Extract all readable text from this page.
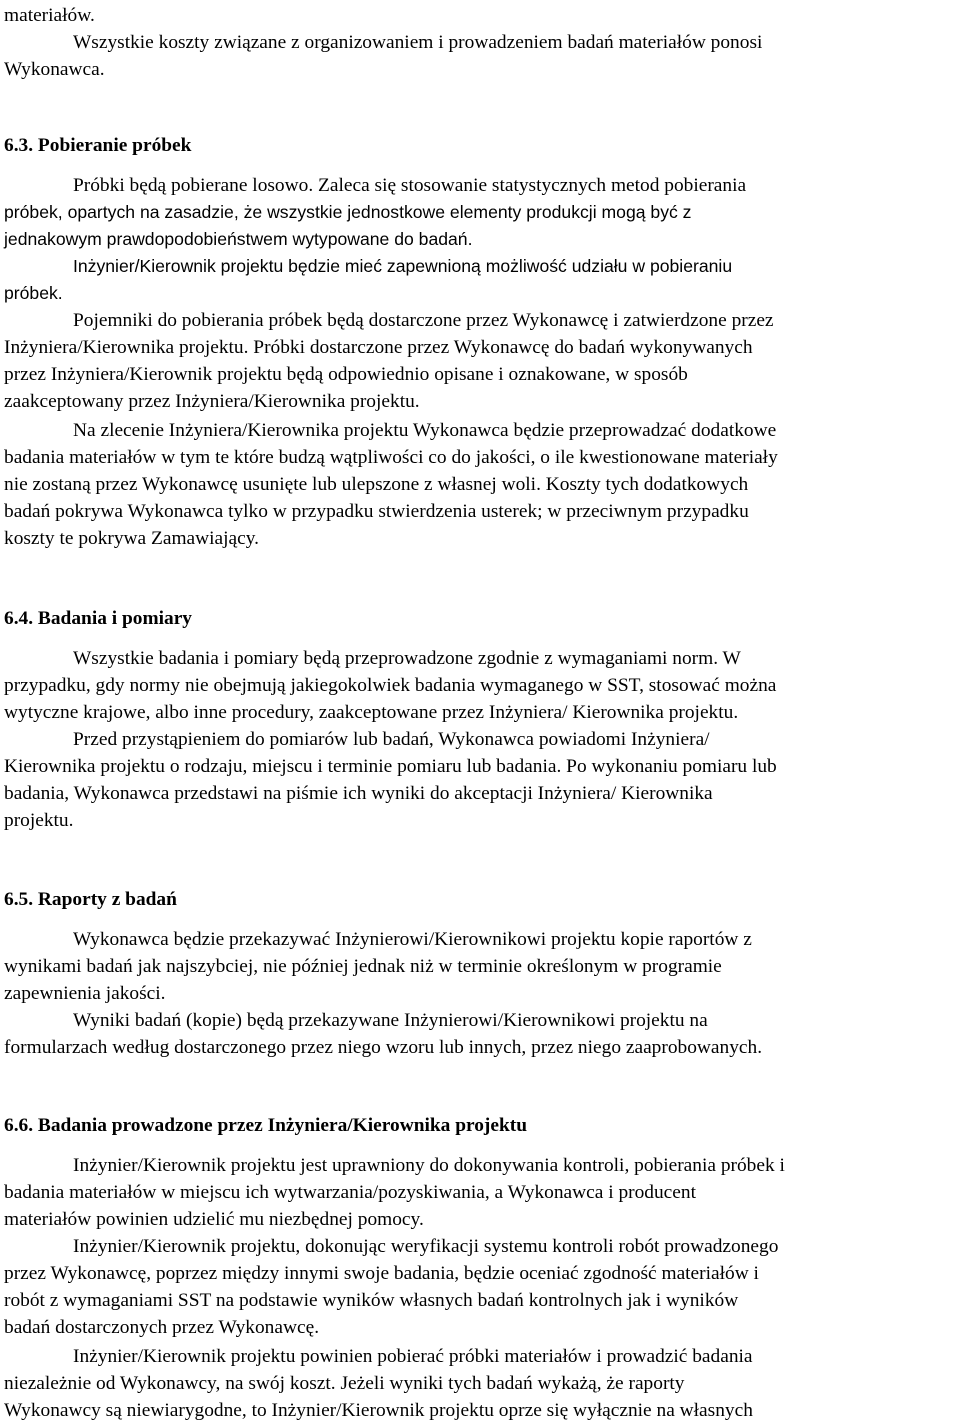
materiałów.
Wszystkie koszty związane z organizowaniem i prowadzeniem badań materiałów ponosi
Wykonawca.
6.3. Pobieranie próbek
Próbki będą pobierane losowo. Zaleca się stosowanie statystycznych metod pobierania
próbek, opartych na zasadzie, że wszystkie jednostkowe elementy produkcji mogą być z
jednakowym prawdopodobieństwem wytypowane do badań.
Inżynier/Kierownik projektu będzie mieć zapewnioną możliwość udziału w pobieraniu
próbek.
Pojemniki do pobierania próbek będą dostarczone przez Wykonawcę i zatwierdzone przez
Inżyniera/Kierownika projektu. Próbki dostarczone przez Wykonawcę do badań wykonywanych
przez Inżyniera/Kierownik projektu będą odpowiednio opisane i oznakowane, w sposób
zaakceptowany przez Inżyniera/Kierownika projektu.
Na zlecenie Inżyniera/Kierownika projektu Wykonawca będzie przeprowadzać dodatkowe
badania materiałów w tym te które budzą wątpliwości co do jakości, o ile kwestionowane materiały
nie zostaną przez Wykonawcę usunięte lub ulepszone z własnej woli. Koszty tych dodatkowych
badań pokrywa Wykonawca tylko w przypadku stwierdzenia usterek; w przeciwnym przypadku
koszty te pokrywa Zamawiający.
6.4. Badania i pomiary
Wszystkie badania i pomiary będą przeprowadzone zgodnie z wymaganiami norm. W
przypadku, gdy normy nie obejmują jakiegokolwiek badania wymaganego w SST, stosować można
wytyczne krajowe, albo inne procedury, zaakceptowane przez Inżyniera/ Kierownika projektu.
Przed przystąpieniem do pomiarów lub badań, Wykonawca powiadomi Inżyniera/
Kierownika projektu o rodzaju, miejscu i terminie pomiaru lub badania. Po wykonaniu pomiaru lub
badania, Wykonawca przedstawi na piśmie ich wyniki do akceptacji Inżyniera/ Kierownika
projektu.
6.5. Raporty z badań
Wykonawca będzie przekazywać Inżynierowi/Kierownikowi projektu kopie raportów z
wynikami badań jak najszybciej, nie później jednak niż w terminie określonym w programie
zapewnienia jakości.
Wyniki badań (kopie) będą przekazywane Inżynierowi/Kierownikowi projektu na
formularzach według dostarczonego przez niego wzoru lub innych, przez niego zaaprobowanych.
6.6. Badania prowadzone przez Inżyniera/Kierownika projektu
Inżynier/Kierownik projektu jest uprawniony do dokonywania kontroli, pobierania próbek i
badania materiałów w miejscu ich wytwarzania/pozyskiwania, a Wykonawca i producent
materiałów powinien udzielić mu niezbędnej pomocy.
Inżynier/Kierownik projektu, dokonując weryfikacji systemu kontroli robót prowadzonego
przez Wykonawcę, poprzez między innymi swoje badania, będzie oceniać zgodność materiałów i
robót z wymaganiami SST na podstawie wyników własnych badań kontrolnych jak i wyników
badań dostarczonych przez Wykonawcę.
Inżynier/Kierownik projektu powinien pobierać próbki materiałów i prowadzić badania
niezależnie od Wykonawcy, na swój koszt. Jeżeli wyniki tych badań wykażą, że raporty
Wykonawcy są niewiarygodne, to Inżynier/Kierownik projektu oprze się wyłącznie na własnych
